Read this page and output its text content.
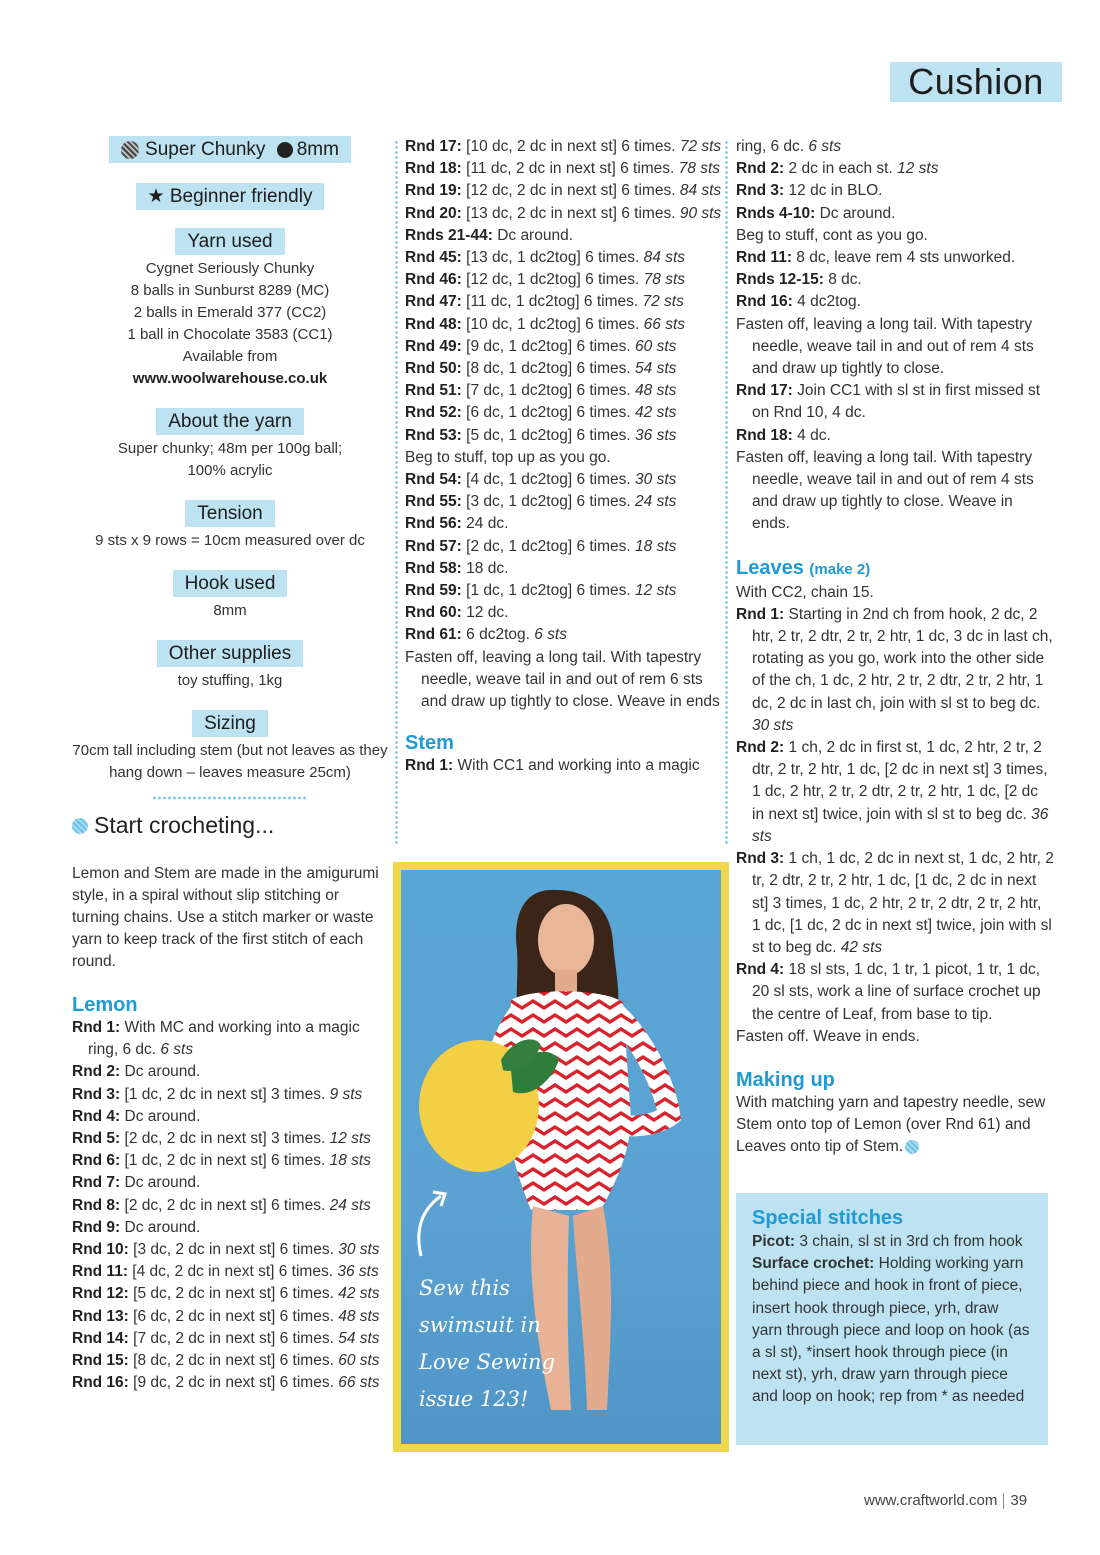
Cushion
Super Chunky 8mm
★ Beginner friendly
Yarn used
Cygnet Seriously Chunky
8 balls in Sunburst 8289 (MC)
2 balls in Emerald 377 (CC2)
1 ball in Chocolate 3583 (CC1)
Available from
www.woolwarehouse.co.uk
About the yarn
Super chunky; 48m per 100g ball;
100% acrylic
Tension
9 sts x 9 rows = 10cm measured over dc
Hook used
8mm
Other supplies
toy stuffing, 1kg
Sizing
70cm tall including stem (but not leaves as they hang down – leaves measure 25cm)
Start crocheting...
Lemon and Stem are made in the amigurumi style, in a spiral without slip stitching or turning chains. Use a stitch marker or waste yarn to keep track of the first stitch of each round.
Lemon
Rnd 1: With MC and working into a magic ring, 6 dc. 6 sts
Rnd 2: Dc around.
Rnd 3: [1 dc, 2 dc in next st] 3 times. 9 sts
Rnd 4: Dc around.
Rnd 5: [2 dc, 2 dc in next st] 3 times. 12 sts
Rnd 6: [1 dc, 2 dc in next st] 6 times. 18 sts
Rnd 7: Dc around.
Rnd 8: [2 dc, 2 dc in next st] 6 times. 24 sts
Rnd 9: Dc around.
Rnd 10: [3 dc, 2 dc in next st] 6 times. 30 sts
Rnd 11: [4 dc, 2 dc in next st] 6 times. 36 sts
Rnd 12: [5 dc, 2 dc in next st] 6 times. 42 sts
Rnd 13: [6 dc, 2 dc in next st] 6 times. 48 sts
Rnd 14: [7 dc, 2 dc in next st] 6 times. 54 sts
Rnd 15: [8 dc, 2 dc in next st] 6 times. 60 sts
Rnd 16: [9 dc, 2 dc in next st] 6 times. 66 sts
Rnd 17: [10 dc, 2 dc in next st] 6 times. 72 sts
Rnd 18: [11 dc, 2 dc in next st] 6 times. 78 sts
Rnd 19: [12 dc, 2 dc in next st] 6 times. 84 sts
Rnd 20: [13 dc, 2 dc in next st] 6 times. 90 sts
Rnds 21-44: Dc around.
Rnd 45: [13 dc, 1 dc2tog] 6 times. 84 sts
Rnd 46: [12 dc, 1 dc2tog] 6 times. 78 sts
Rnd 47: [11 dc, 1 dc2tog] 6 times. 72 sts
Rnd 48: [10 dc, 1 dc2tog] 6 times. 66 sts
Rnd 49: [9 dc, 1 dc2tog] 6 times. 60 sts
Rnd 50: [8 dc, 1 dc2tog] 6 times. 54 sts
Rnd 51: [7 dc, 1 dc2tog] 6 times. 48 sts
Rnd 52: [6 dc, 1 dc2tog] 6 times. 42 sts
Rnd 53: [5 dc, 1 dc2tog] 6 times. 36 sts
Beg to stuff, top up as you go.
Rnd 54: [4 dc, 1 dc2tog] 6 times. 30 sts
Rnd 55: [3 dc, 1 dc2tog] 6 times. 24 sts
Rnd 56: 24 dc.
Rnd 57: [2 dc, 1 dc2tog] 6 times. 18 sts
Rnd 58: 18 dc.
Rnd 59: [1 dc, 1 dc2tog] 6 times. 12 sts
Rnd 60: 12 dc.
Rnd 61: 6 dc2tog. 6 sts
Fasten off, leaving a long tail. With tapestry needle, weave tail in and out of rem 6 sts and draw up tightly to close. Weave in ends
Stem
Rnd 1: With CC1 and working into a magic
ring, 6 dc. 6 sts
Rnd 2: 2 dc in each st. 12 sts
Rnd 3: 12 dc in BLO.
Rnds 4-10: Dc around.
Beg to stuff, cont as you go.
Rnd 11: 8 dc, leave rem 4 sts unworked.
Rnds 12-15: 8 dc.
Rnd 16: 4 dc2tog.
Fasten off, leaving a long tail. With tapestry needle, weave tail in and out of rem 4 sts and draw up tightly to close.
Rnd 17: Join CC1 with sl st in first missed st on Rnd 10, 4 dc.
Rnd 18: 4 dc.
Fasten off, leaving a long tail. With tapestry needle, weave tail in and out of rem 4 sts and draw up tightly to close. Weave in ends.
Leaves (make 2)
With CC2, chain 15.
Rnd 1: Starting in 2nd ch from hook, 2 dc, 2 htr, 2 tr, 2 dtr, 2 tr, 2 htr, 1 dc, 3 dc in last ch, rotating as you go, work into the other side of the ch, 1 dc, 2 htr, 2 tr, 2 dtr, 2 tr, 2 htr, 1 dc, 2 dc in last ch, join with sl st to beg dc. 30 sts
Rnd 2: 1 ch, 2 dc in first st, 1 dc, 2 htr, 2 tr, 2 dtr, 2 tr, 2 htr, 1 dc, [2 dc in next st] 3 times, 1 dc, 2 htr, 2 tr, 2 dtr, 2 tr, 2 htr, 1 dc, [2 dc in next st] twice, join with sl st to beg dc. 36 sts
Rnd 3: 1 ch, 1 dc, 2 dc in next st, 1 dc, 2 htr, 2 tr, 2 dtr, 2 tr, 2 htr, 1 dc, [1 dc, 2 dc in next st] 3 times, 1 dc, 2 htr, 2 tr, 2 dtr, 2 tr, 2 htr, 1 dc, [1 dc, 2 dc in next st] twice, join with sl st to beg dc. 42 sts
Rnd 4: 18 sl sts, 1 dc, 1 tr, 1 picot, 1 tr, 1 dc, 20 sl sts, work a line of surface crochet up the centre of Leaf, from base to tip.
Fasten off. Weave in ends.
Making up
With matching yarn and tapestry needle, sew Stem onto top of Lemon (over Rnd 61) and Leaves onto tip of Stem.
Sew this
swimsuit in
Love Sewing
issue 123!
Special stitches
Picot: 3 chain, sl st in 3rd ch from hook
Surface crochet: Holding working yarn behind piece and hook in front of piece, insert hook through piece, yrh, draw yarn through piece and loop on hook (as a sl st), *insert hook through piece (in next st), yrh, draw yarn through piece and loop on hook; rep from * as needed
www.craftworld.com 39
